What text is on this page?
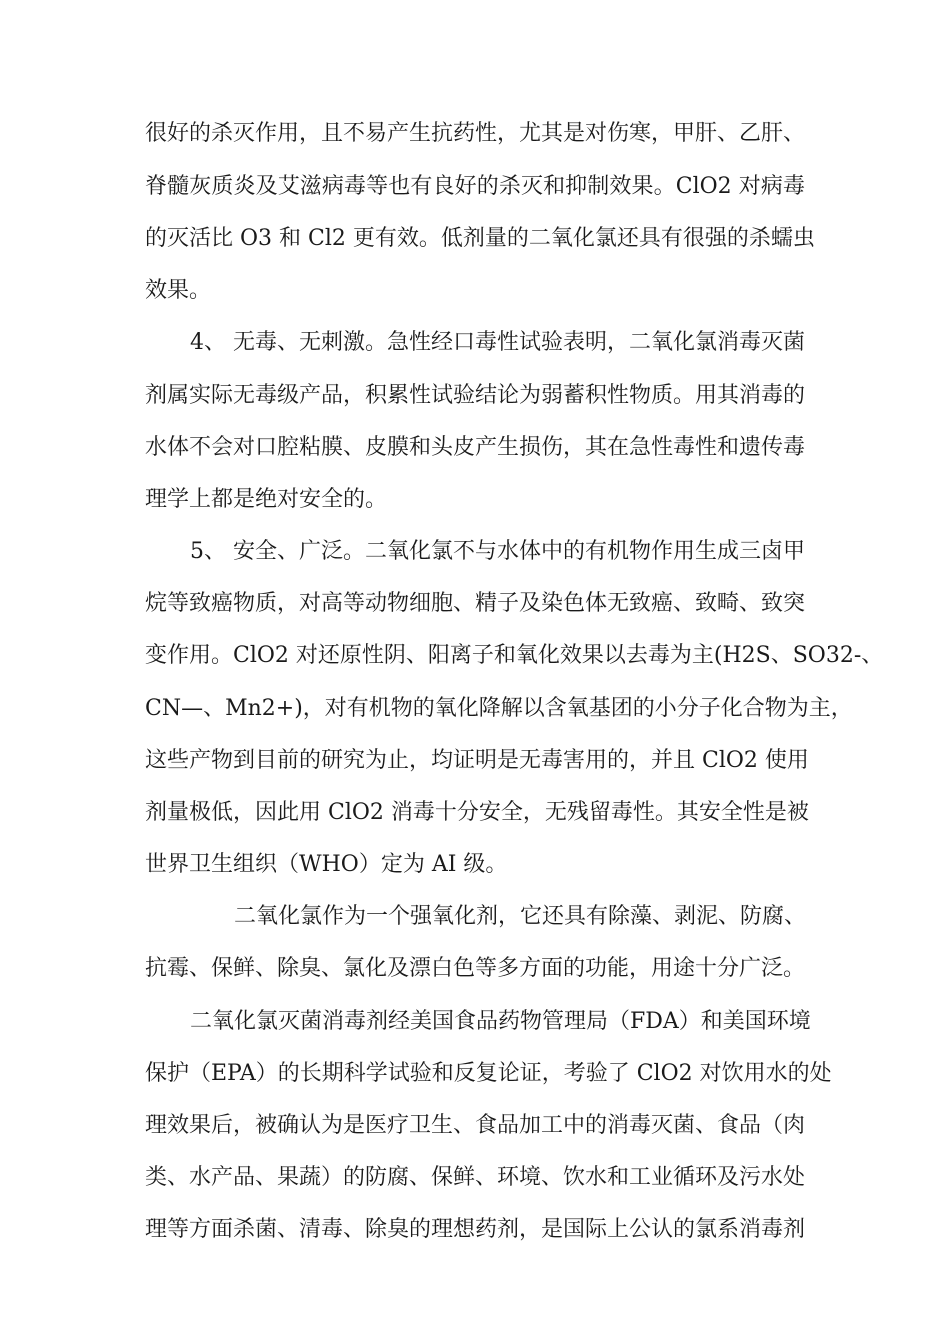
很好的杀灭作用，且不易产生抗药性，尤其是对伤寒，甲肝、乙肝、
脊髓灰质炎及艾滋病毒等也有良好的杀灭和抑制效果。ClO2 对病毒
的灭活比 O3 和 Cl2 更有效。低剂量的二氧化氯还具有很强的杀蠕虫
效果。
4、 无毒、无刺激。急性经口毒性试验表明，二氧化氯消毒灭菌
剂属实际无毒级产品，积累性试验结论为弱蓄积性物质。用其消毒的
水体不会对口腔粘膜、皮膜和头皮产生损伤，其在急性毒性和遗传毒
理学上都是绝对安全的。
5、 安全、广泛。二氧化氯不与水体中的有机物作用生成三卤甲
烷等致癌物质，对高等动物细胞、精子及染色体无致癌、致畸、致突
变作用。ClO2 对还原性阴、阳离子和氧化效果以去毒为主(H2S、SO32-、
CN—、Mn2+)，对有机物的氧化降解以含氧基团的小分子化合物为主，
这些产物到目前的研究为止，均证明是无毒害用的，并且 ClO2 使用
剂量极低，因此用 ClO2 消毒十分安全，无残留毒性。其安全性是被
世界卫生组织（WHO）定为 AI 级。
二氧化氯作为一个强氧化剂，它还具有除藻、剥泥、防腐、
抗霉、保鲜、除臭、氯化及漂白色等多方面的功能，用途十分广泛。
二氧化氯灭菌消毒剂经美国食品药物管理局（FDA）和美国环境
保护（EPA）的长期科学试验和反复论证，考验了 ClO2 对饮用水的处
理效果后，被确认为是医疗卫生、食品加工中的消毒灭菌、食品（肉
类、水产品、果蔬）的防腐、保鲜、环境、饮水和工业循环及污水处
理等方面杀菌、清毒、除臭的理想药剂，是国际上公认的氯系消毒剂
